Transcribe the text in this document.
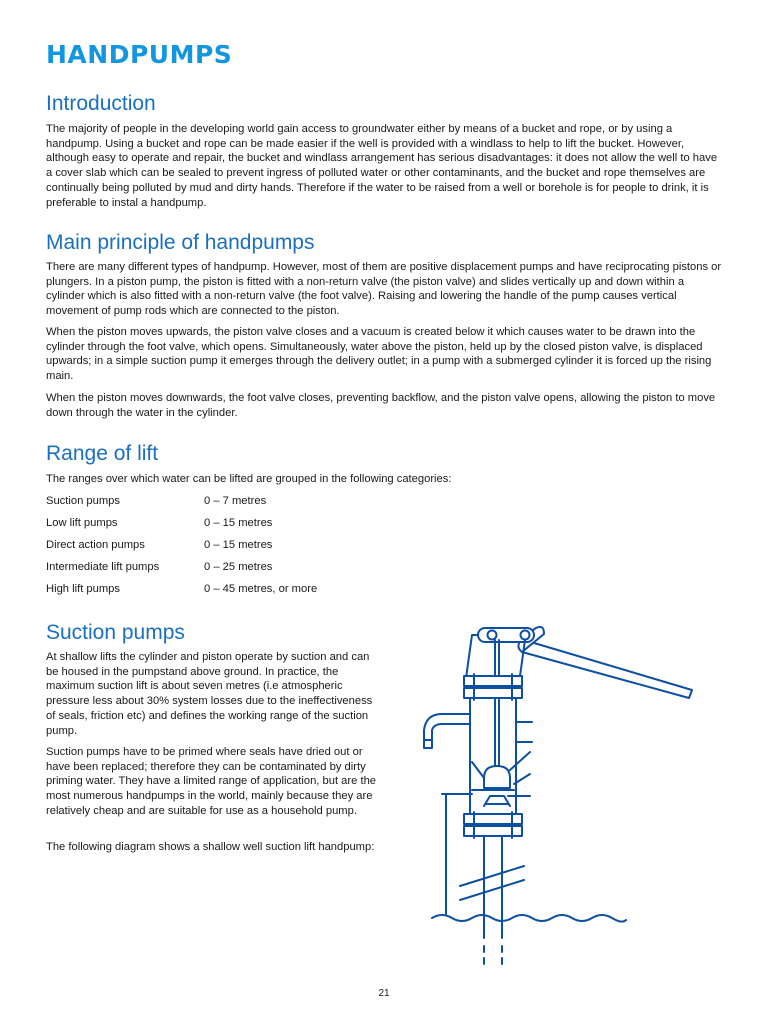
HANDPUMPS
Introduction

The majority of people in the developing world gain access to groundwater either by means of a bucket and rope, or by using a handpump. Using a bucket and rope can be made easier if the well is provided with a windlass to help to lift the bucket. However, although easy to operate and repair, the bucket and windlass arrangement has serious disadvantages: it does not allow the well to have a cover slab which can be sealed to prevent ingress of polluted water or other contaminants, and the bucket and rope themselves are continually being polluted by mud and dirty hands. Therefore if the water to be raised from a well or borehole is for people to drink, it is preferable to instal a handpump.

Main principle of handpumps

There are many different types of handpump. However, most of them are positive displacement pumps and have reciprocating pistons or plungers. In a piston pump, the piston is fitted with a non-return valve (the piston valve) and slides vertically up and down within a cylinder which is also fitted with a non-return valve (the foot valve). Raising and lowering the handle of the pump causes vertical movement of pump rods which are connected to the piston.

When the piston moves upwards, the piston valve closes and a vacuum is created below it which causes water to be drawn into the cylinder through the foot valve, which opens. Simultaneously, water above the piston, held up by the closed piston valve, is displaced upwards; in a simple suction pump it emerges through the delivery outlet; in a pump with a submerged cylinder it is forced up the rising main.

When the piston moves downwards, the foot valve closes, preventing backflow, and the piston valve opens, allowing the piston to move down through the water in the cylinder.

Range of lift

The ranges over which water can be lifted are grouped in the following categories:

Suction pumps	0 – 7 metres
Low lift pumps	0 – 15 metres
Direct action pumps	0 – 15 metres
Intermediate lift pumps	0 – 25 metres
High lift pumps	0 – 45 metres, or more
Suction pumps

At shallow lifts the cylinder and piston operate by suction and can be housed in the pumpstand above ground. In practice, the maximum suction lift is about seven metres (i.e atmospheric pressure less about 30% system losses due to the ineffectiveness of seals, friction etc) and defines the working range of the suction pump.

Suction pumps have to be primed where seals have dried out or have been replaced; therefore they can be contaminated by dirty priming water. They have a limited range of application, but are the most numerous handpumps in the world, mainly because they are relatively cheap and are suitable for use as a household pump.

The following diagram shows a shallow well suction lift handpump:

21
